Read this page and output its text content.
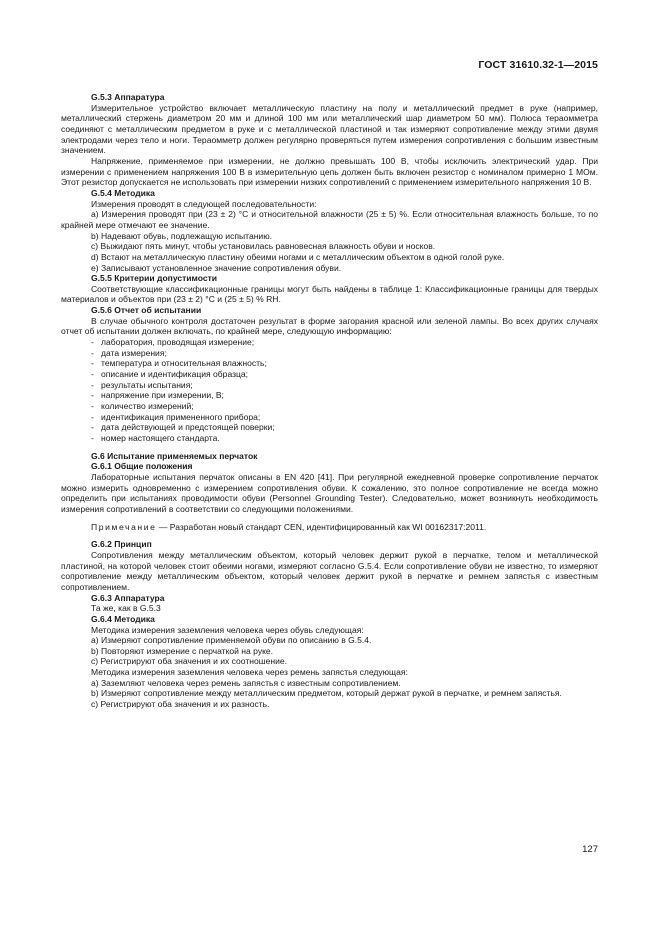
ГОСТ 31610.32-1—2015

G.5.3 Аппаратура

Измерительное устройство включает металлическую пластину на полу и металлический предмет в руке (например, металлический стержень диаметром 20 мм и длиной 100 мм или металлический шар диаметром 50 мм). Полюса тераомметра соединяют с металлическим предметом в руке и с металлической пластиной и так измеряют сопротивление между этими двумя электродами через тело и ноги. Тераомметр должен регулярно проверяться путем измерения сопротивления с большим известным значением.

Напряжение, применяемое при измерении, не должно превышать 100 В, чтобы исключить электрический удар. При измерении с применением напряжения 100 В в измерительную цепь должен быть включен резистор с номиналом примерно 1 МОм. Этот резистор допускается не использовать при измерении низких сопротивлений с применением измерительного напряжения 10 В.

G.5.4 Методика

Измерения проводят в следующей последовательности:

a) Измерения проводят при (23 ± 2) °С и относительной влажности (25 ± 5) %. Если относительная влажность больше, то по крайней мере отмечают ее значение.

b) Надевают обувь, подлежащую испытанию.

c) Выжидают пять минут, чтобы установилась равновесная влажность обуви и носков.

d) Встают на металлическую пластину обеими ногами и с металлическим объектом в одной голой руке.

e) Записывают установленное значение сопротивления обуви.

G.5.5 Критерии допустимости

Соответствующие классификационные границы могут быть найдены в таблице 1: Классификационные границы для твердых материалов и объектов при (23 ± 2) °С и (25 ± 5) % RH.

G.5.6 Отчет об испытании

В случае обычного контроля достаточен результат в форме загорания красной или зеленой лампы. Во всех других случаях отчет об испытании должен включать, по крайней мере, следующую информацию:

- лаборатория, проводящая измерение;

- дата измерения;

- температура и относительная влажность;

- описание и идентификация образца;

- результаты испытания;

- напряжение при измерении, В;

- количество измерений;

- идентификация примененного прибора;

- дата действующей и предстоящей поверки;

- номер настоящего стандарта.

G.6 Испытание применяемых перчаток

G.6.1 Общие положения

Лабораторные испытания перчаток описаны в EN 420 [41]. При регулярной ежедневной проверке сопротивление перчаток можно измерить одновременно с измерением сопротивления обуви. К сожалению, это полное сопротивление не всегда можно определить при испытаниях проводимости обуви (Personnel Grounding Tester). Следовательно, может возникнуть необходимость измерения сопротивлений в соответствии со следующими положениями.

Примечание — Разработан новый стандарт CEN, идентифицированный как WI 00162317:2011.

G.6.2 Принцип

Сопротивления между металлическим объектом, который человек держит рукой в перчатке, телом и металлической пластиной, на которой человек стоит обеими ногами, измеряют согласно G.5.4. Если сопротивление обуви не известно, то измеряют сопротивление между металлическим объектом, который человек держит рукой в перчатке и ремнем запястья с известным сопротивлением.

G.6.3 Аппаратура

Та же, как в G.5.3

G.6.4 Методика

Методика измерения заземления человека через обувь следующая:

a) Измеряют сопротивление применяемой обуви по описанию в G.5.4.

b) Повторяют измерение с перчаткой на руке.

c) Регистрируют оба значения и их соотношение.

Методика измерения заземления человека через ремень запястья следующая:

a) Заземляют человека через ремень запястья с известным сопротивлением.

b) Измеряют сопротивление между металлическим предметом, который держат рукой в перчатке, и ремнем запястья.

c) Регистрируют оба значения и их разность.

127
